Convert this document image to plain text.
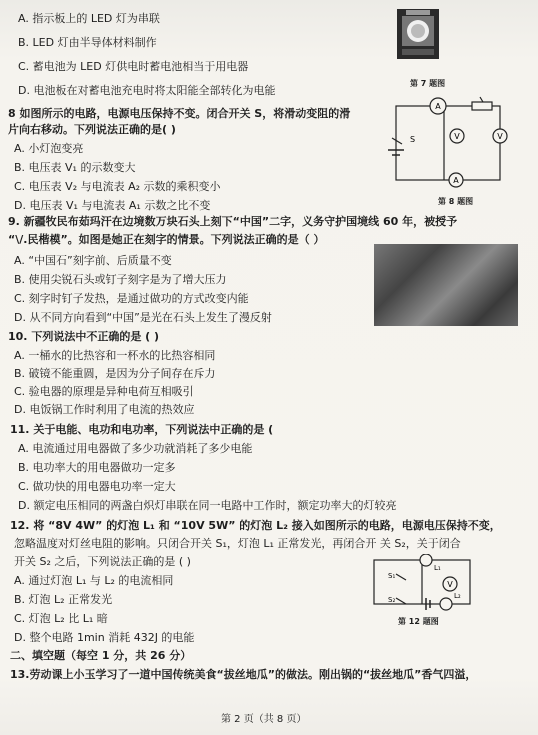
A. 指示板上的 LED 灯为串联
B. LED 灯由半导体材料制作
C. 蓄电池为 LED 灯供电时蓄电池相当于用电器
D. 电池板在对蓄电池充电时将太阳能全部转化为电能
8 如图所示的电路，电源电压保持不变。闭合开关 S，将滑动变阻的滑
片向右移动。下列说法正确的是( )
A. 小灯泡变亮
B. 电压表 V₁ 的示数变大
C. 电压表 V₂ 与电流表 A₂ 示数的乘积变小
D. 电压表 V₁ 与电流表 A₁ 示数之比不变
9. 新疆牧民布茹玛汗在边境数万块石头上刻下“中国”二字，义务守护国境线 60 年，被授予
“\/.民楷模”。如图是她正在刻字的情景。下列说法正确的是（ ）
A. “中国石”刻字前、后质量不变
B. 使用尖锐石头或钉子刻字是为了增大压力
C. 刻字时钉子发热，是通过做功的方式改变内能
D. 从不同方向看到“中国”是光在石头上发生了漫反射
10. 下列说法中不正确的是 ( )
A. 一桶水的比热容和一杯水的比热容相同
B. 破镜不能重圆，是因为分子间存在斥力
C. 验电器的原理是异种电荷互相吸引
D. 电饭锅工作时利用了电流的热效应
11. 关于电能、电功和电功率，下列说法中正确的是 (
A. 电流通过用电器做了多少功就消耗了多少电能
B. 电功率大的用电器做功一定多
C. 做功快的用电器电功率一定大
D. 额定电压相同的两盏白炽灯串联在同一电路中工作时，额定功率大的灯较亮
12. 将 “8V 4W” 的灯泡 L₁ 和 “10V 5W” 的灯泡 L₂ 接入如图所示的电路，电源电压保持不变，
忽略温度对灯丝电阻的影响。只闭合开关 S₁，灯泡 L₁ 正常发光，再闭合开 关 S₂，关于闭合
开关 S₂ 之后，下列说法正确的是 ( )
A. 通过灯泡 L₁ 与 L₂ 的电流相同
B. 灯泡 L₂ 正常发光
C. 灯泡 L₂ 比 L₁ 暗
D. 整个电路 1min 消耗 432J 的电能
二、填空题（每空 1 分，共 26 分）
13.劳动课上小玉学习了一道中国传统美食“拔丝地瓜”的做法。刚出锅的“拔丝地瓜”香气四溢，
第 2 页（共 8 页）
第 7 题图
A
V	V
A
S
第 8 题图
V
S₁
S₂
L₁
L₂
第 12 题图
